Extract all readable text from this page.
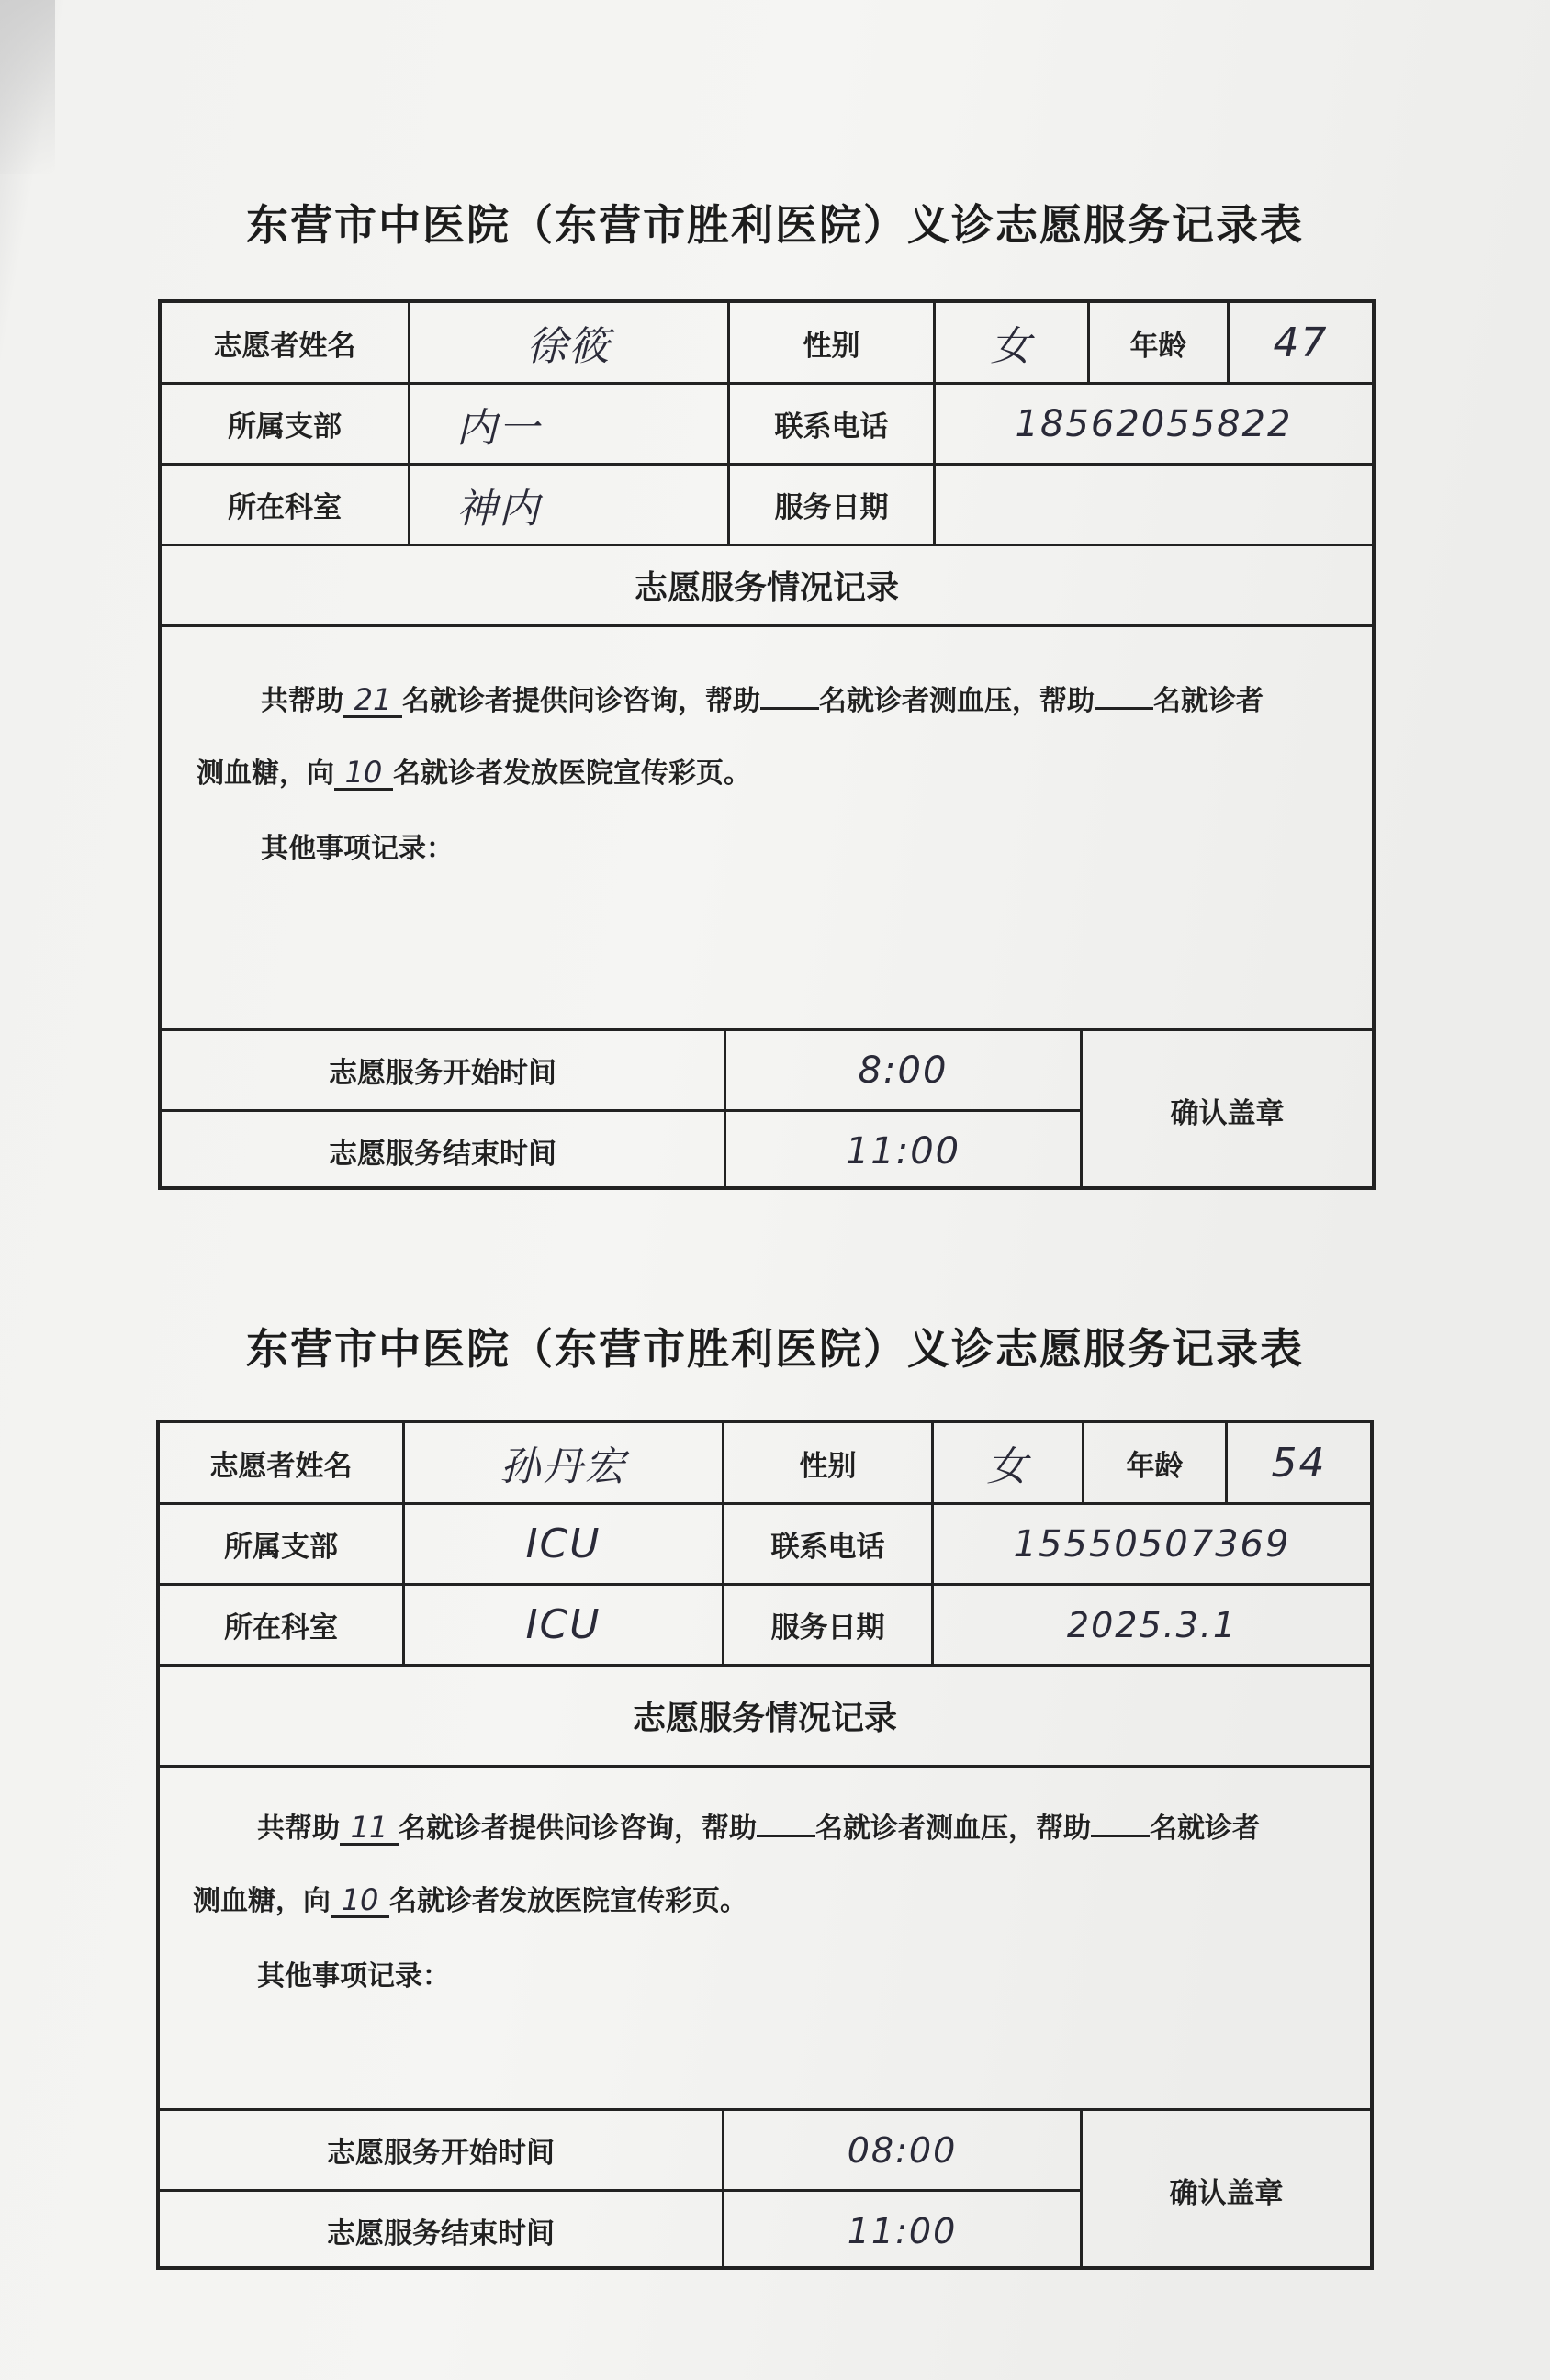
东营市中医院（东营市胜利医院）义诊志愿服务记录表
志愿者姓名	徐筱	性别	女	年龄	47
所属支部	内一	联系电话	18562055822
所在科室	神内	服务日期
志愿服务情况记录
共帮助 21 名就诊者提供问诊咨询，帮助 名就诊者测血压，帮助 名就诊者
测血糖，向 10 名就诊者发放医院宣传彩页。
其他事项记录：
志愿服务开始时间	8:00
志愿服务结束时间	11:00
确认盖章
东营市中医院（东营市胜利医院）义诊志愿服务记录表
志愿者姓名	孙丹宏	性别	女	年龄	54
所属支部	ICU	联系电话	15550507369
所在科室	ICU	服务日期	2025.3.1
志愿服务情况记录
共帮助 11 名就诊者提供问诊咨询，帮助 名就诊者测血压，帮助 名就诊者
测血糖，向 10 名就诊者发放医院宣传彩页。
其他事项记录：
志愿服务开始时间	08:00
志愿服务结束时间	11:00
确认盖章
